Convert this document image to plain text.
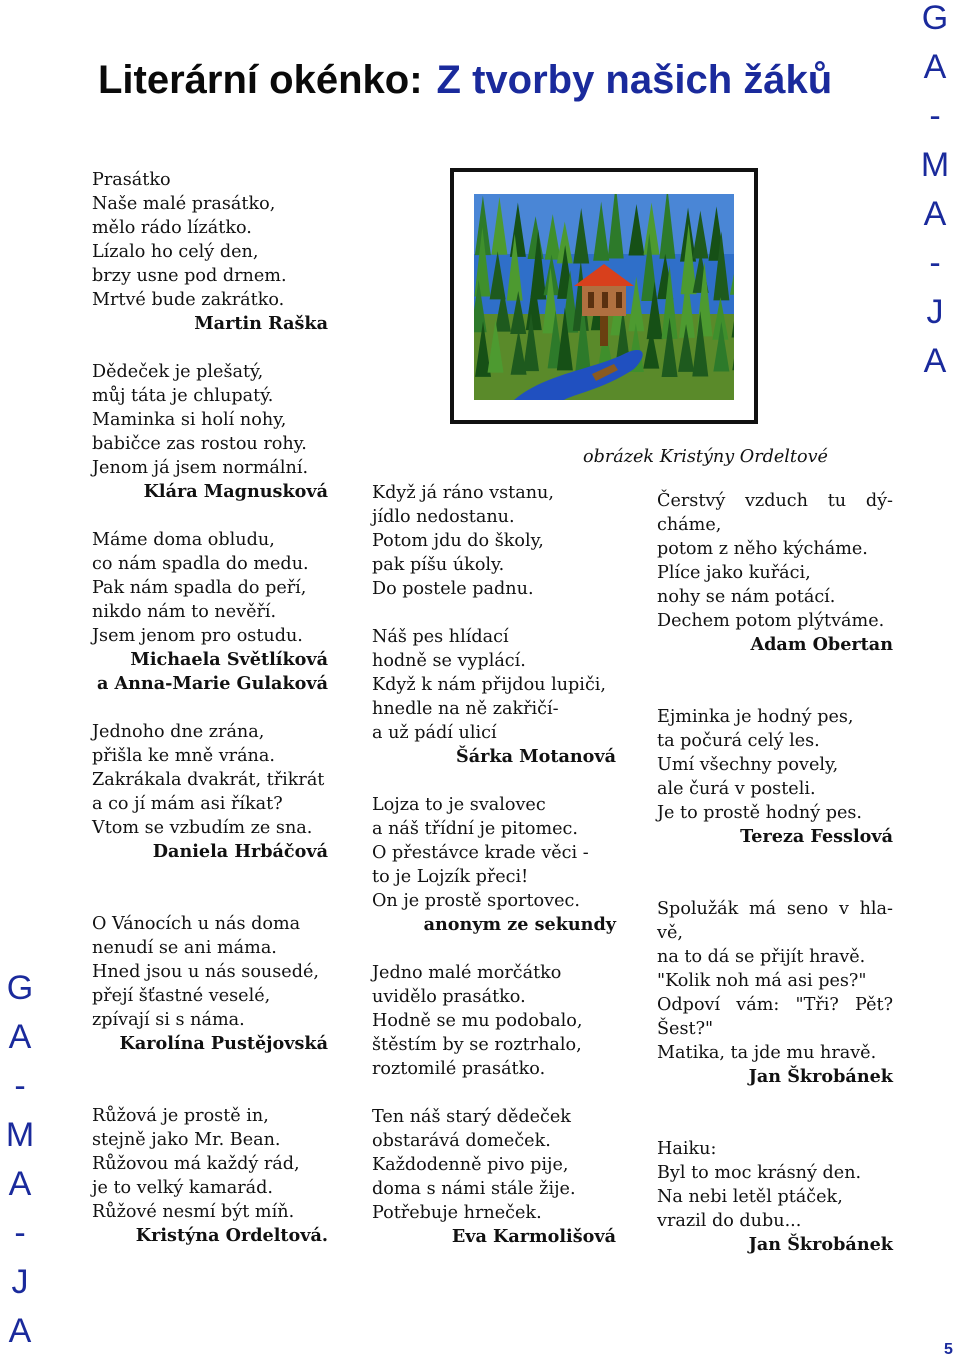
Literární okénko: Z tvorby našich žáků
G
A
-
M
A
-
J
A
G
A
-
M
A
-
J
A
obrázek Kristýny Ordeltové
Prasátko
Naše malé prasátko,
mělo rádo lízátko.
Lízalo ho celý den,
brzy usne pod drnem.
Mrtvé bude zakrátko.
Martin Raška
Dědeček je plešatý,
můj táta je chlupatý.
Maminka si holí nohy,
babičce zas rostou rohy.
Jenom já jsem normální.
Klára Magnusková
Máme doma obludu,
co nám spadla do medu.
Pak nám spadla do peří,
nikdo nám to nevěří.
Jsem jenom pro ostudu.
Michaela Světlíková
a Anna-Marie Gulaková
Jednoho dne zrána,
přišla ke mně vrána.
Zakrákala dvakrát, třikrát
a co jí mám asi říkat?
Vtom se vzbudím ze sna.
Daniela Hrbáčová
O Vánocích u nás doma
nenudí se ani máma.
Hned jsou u nás sousedé,
přejí šťastné veselé,
zpívají si s náma.
Karolína Pustějovská
Růžová je prostě in,
stejně jako Mr. Bean.
Růžovou má každý rád,
je to velký kamarád.
Růžové nesmí být míň.
Kristýna Ordeltová.
Když já ráno vstanu,
jídlo nedostanu.
Potom jdu do školy,
pak píšu úkoly.
Do postele padnu.
Náš pes hlídací
hodně se vyplácí.
Když k nám přijdou lupiči,
hnedle na ně zakřičí-
a už pádí ulicí
Šárka Motanová
Lojza to je svalovec
a náš třídní je pitomec.
O přestávce krade věci -
to je Lojzík přeci!
On je prostě sportovec.
anonym ze sekundy
Jedno malé morčátko
uvidělo prasátko.
Hodně se mu podobalo,
štěstím by se roztrhalo,
roztomilé prasátko.
Ten náš starý dědeček
obstarává domeček.
Každodenně pivo pije,
doma s námi stále žije.
Potřebuje hrneček.
Eva Karmolišová
Čerstvý vzduch tu dý-
cháme,
potom z něho kýcháme.
Plíce jako kuřáci,
nohy se nám potácí.
Dechem potom plýtváme.
Adam Obertan
Ejminka je hodný pes,
ta počurá celý les.
Umí všechny povely,
ale čurá v posteli.
Je to prostě hodný pes.
Tereza Fesslová
Spolužák má seno v hla-
vě,
na to dá se přijít hravě.
"Kolik noh má asi pes?"
Odpoví vám: "Tři? Pět?
Šest?"
Matika, ta jde mu hravě.
Jan Škrobánek
Haiku:
Byl to moc krásný den.
Na nebi letěl ptáček,
vrazil do dubu...
Jan Škrobánek
5
